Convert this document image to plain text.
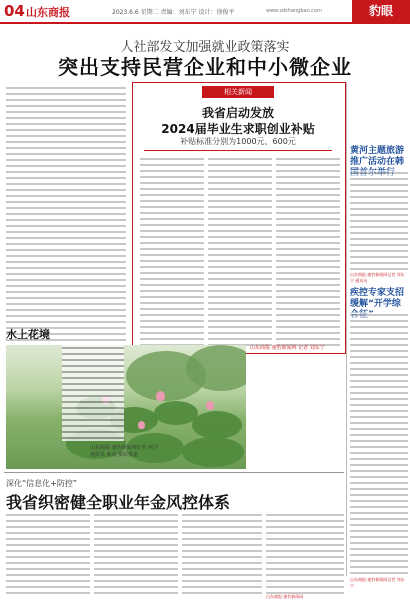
04 山东商报	2023.6.6 星期二 责编：刘东宁 设计：徐俊平	www.sdshangbao.com	豹眼
人社部发文加强就业政策落实
突出支持民营企业和中小微企业
相关新闻
我省启动发放
2024届毕业生求职创业补贴
补贴标准分别为1000元、600元
山东商报·速豹新闻网 记者 刘东宁
黄河主题旅游推广活动在韩
山东商报·速豹新闻网记者 刘东宁 通讯员
疾控专家支招缓解“开学综
山东商报·速豹新闻网记者 刘东宁
水上花境
山东商报·速豹新闻网记者 何学
通讯员 曲寅 摄影报道
深化“信息化+防控”
我省织密健全职业年金风控体系
山东商报·速豹新闻网
